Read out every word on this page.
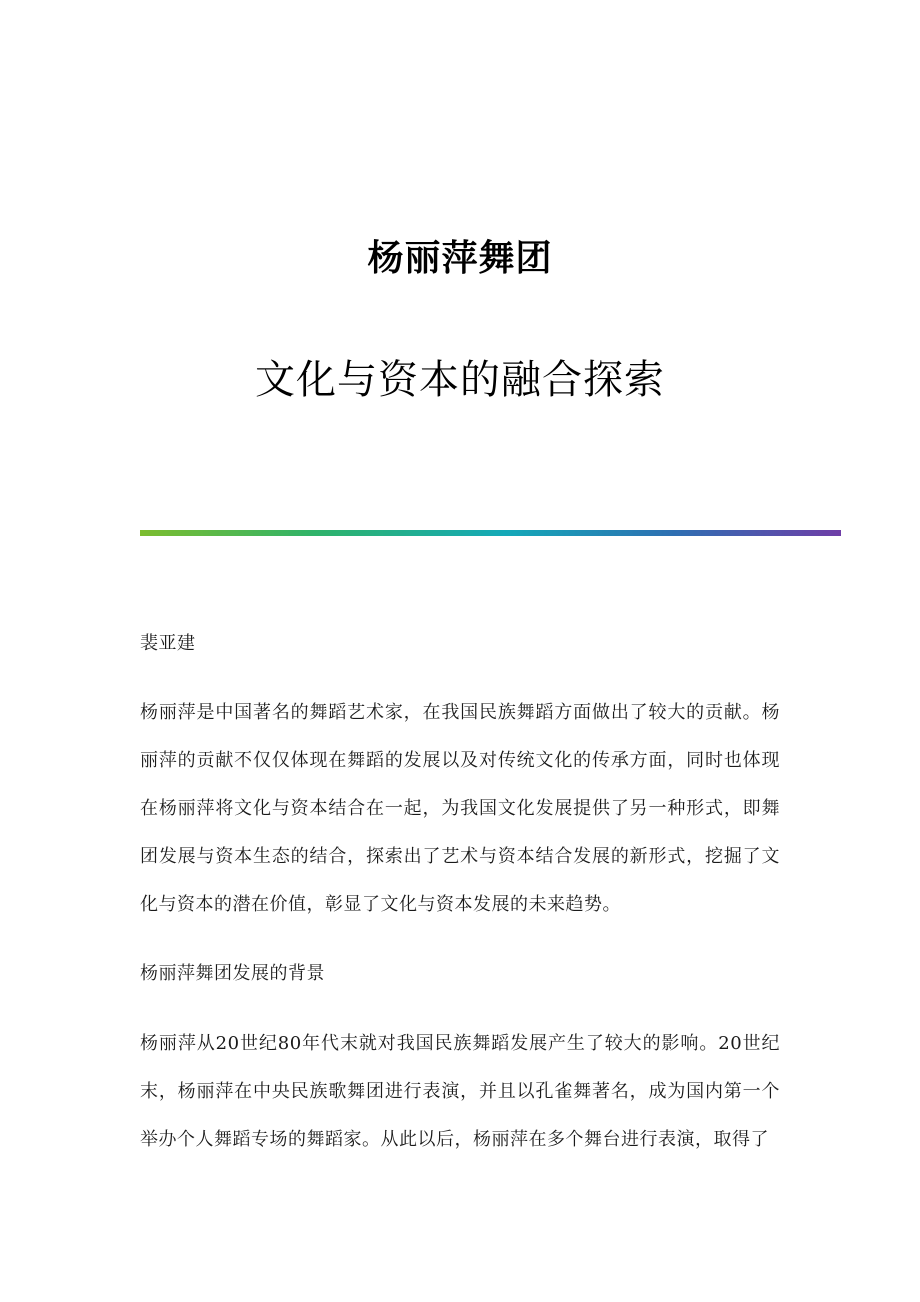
杨丽萍舞团
文化与资本的融合探索
裴亚建
杨丽萍是中国著名的舞蹈艺术家，在我国民族舞蹈方面做出了较大的贡献。杨丽萍的贡献不仅仅体现在舞蹈的发展以及对传统文化的传承方面，同时也体现在杨丽萍将文化与资本结合在一起，为我国文化发展提供了另一种形式，即舞团发展与资本生态的结合，探索出了艺术与资本结合发展的新形式，挖掘了文化与资本的潜在价值，彰显了文化与资本发展的未来趋势。
杨丽萍舞团发展的背景
杨丽萍从20世纪80年代末就对我国民族舞蹈发展产生了较大的影响。20世纪末，杨丽萍在中央民族歌舞团进行表演，并且以孔雀舞著名，成为国内第一个举办个人舞蹈专场的舞蹈家。从此以后，杨丽萍在多个舞台进行表演，取得了
